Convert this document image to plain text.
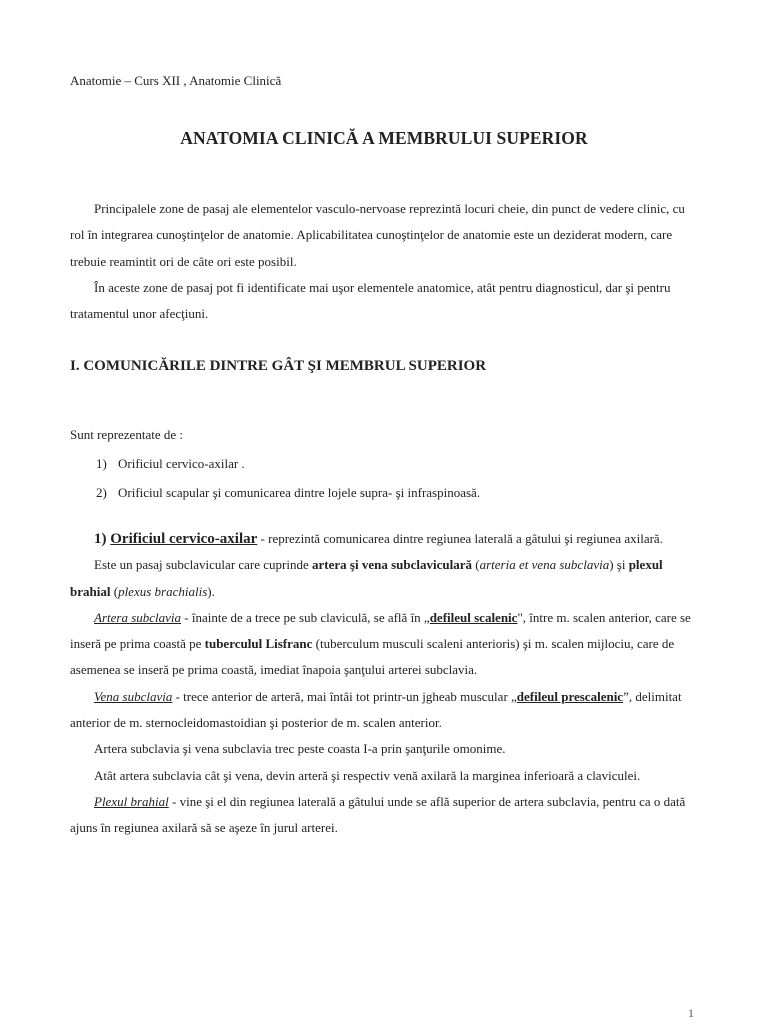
Anatomie – Curs XII , Anatomie Clinică
ANATOMIA CLINICĂ A MEMBRULUI SUPERIOR

Principalele zone de pasaj ale elementelor vasculo-nervoase reprezintă locuri cheie, din punct de vedere clinic, cu rol în integrarea cunoştinţelor de anatomie. Aplicabilitatea cunoştinţelor de anatomie este un deziderat modern, care trebuie reamintit ori de câte ori este posibil.

În aceste zone de pasaj pot fi identificate mai uşor elementele anatomice, atât pentru diagnosticul, dar şi pentru tratamentul unor afecţiuni.

I. COMUNICĂRILE DINTRE GÂT ŞI MEMBRUL SUPERIOR
Sunt reprezentate de :
1) Orificiul cervico-axilar .
2) Orificiul scapular şi comunicarea dintre lojele supra- şi infraspinoasă.

1) Orificiul cervico-axilar - reprezintă comunicarea dintre regiunea laterală a gâtului şi regiunea axilară.

Este un pasaj subclavicular care cuprinde artera şi vena subclaviculară (arteria et vena subclavia) şi plexul brahial (plexus brachialis).

Artera subclavia - înainte de a trece pe sub claviculă, se află în „defileul scalenic", între m. scalen anterior, care se inseră pe prima coastă pe tuberculul Lisfranc (tuberculum musculi scaleni anterioris) şi m. scalen mijlociu, care de asemenea se inseră pe prima coastă, imediat înapoia şanţului arterei subclavia.

Vena subclavia - trece anterior de arteră, mai întâi tot printr-un jgheab muscular „defileul prescalenic”, delimitat anterior de m. sternocleidomastoidian şi posterior de m. scalen anterior.

Artera subclavia şi vena subclavia trec peste coasta I-a prin şanţurile omonime.

Atât artera subclavia cât şi vena, devin arteră şi respectiv venă axilară la marginea inferioară a claviculei.

Plexul brahial - vine şi el din regiunea laterală a gâtului unde se află superior de artera subclavia, pentru ca o dată ajuns în regiunea axilară să se aşeze în jurul arterei.

1
